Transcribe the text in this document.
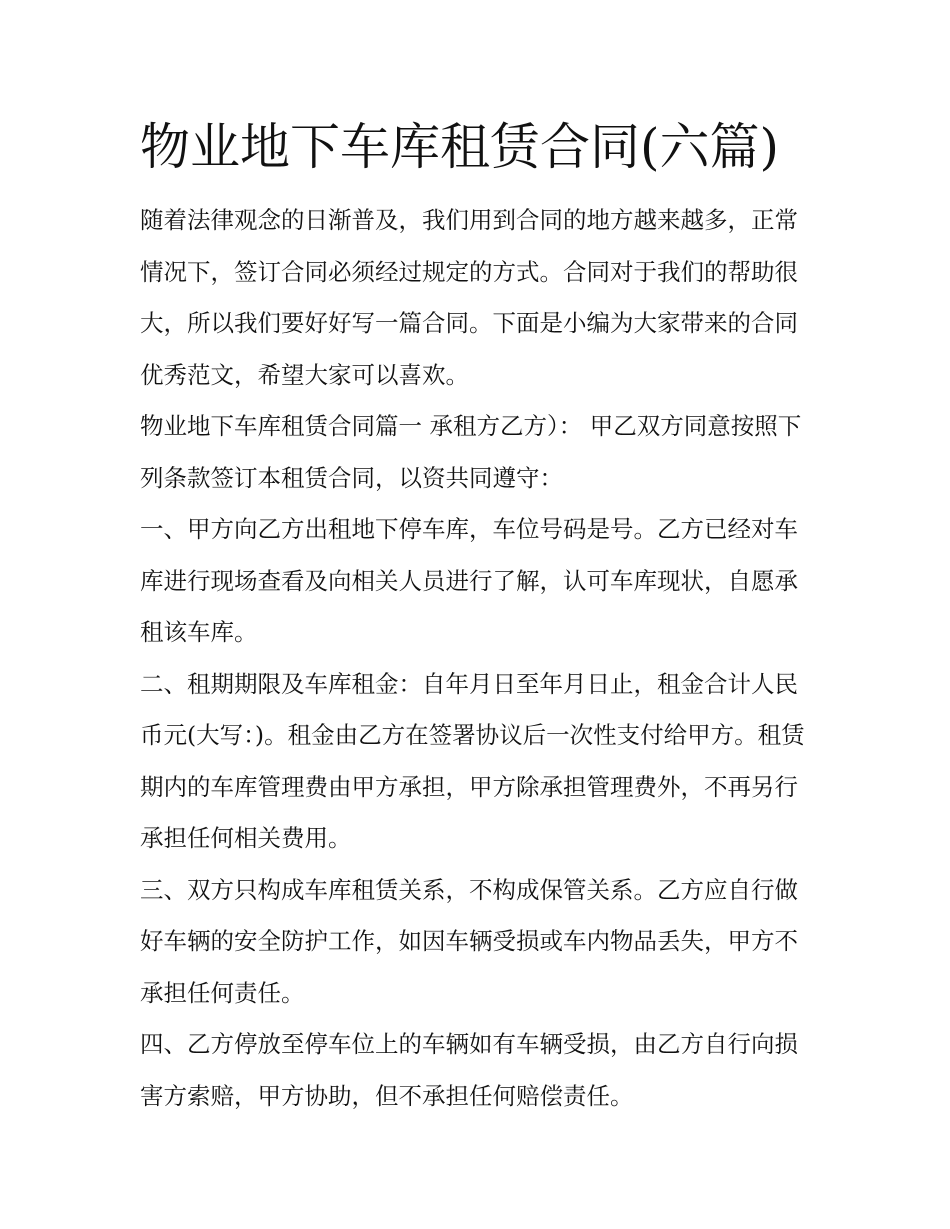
物业地下车库租赁合同(六篇)

随着法律观念的日渐普及，我们用到合同的地方越来越多，正常情况下，签订合同必须经过规定的方式。合同对于我们的帮助很大，所以我们要好好写一篇合同。下面是小编为大家带来的合同优秀范文，希望大家可以喜欢。

物业地下车库租赁合同篇一 承租方乙方）： 甲乙双方同意按照下列条款签订本租赁合同，以资共同遵守：

一、甲方向乙方出租地下停车库，车位号码是号。乙方已经对车库进行现场查看及向相关人员进行了解，认可车库现状，自愿承租该车库。

二、租期期限及车库租金：自年月日至年月日止，租金合计人民币元(大写：)。租金由乙方在签署协议后一次性支付给甲方。租赁期内的车库管理费由甲方承担，甲方除承担管理费外，不再另行承担任何相关费用。

三、双方只构成车库租赁关系，不构成保管关系。乙方应自行做好车辆的安全防护工作，如因车辆受损或车内物品丢失，甲方不承担任何责任。

四、乙方停放至停车位上的车辆如有车辆受损，由乙方自行向损害方索赔，甲方协助，但不承担任何赔偿责任。
